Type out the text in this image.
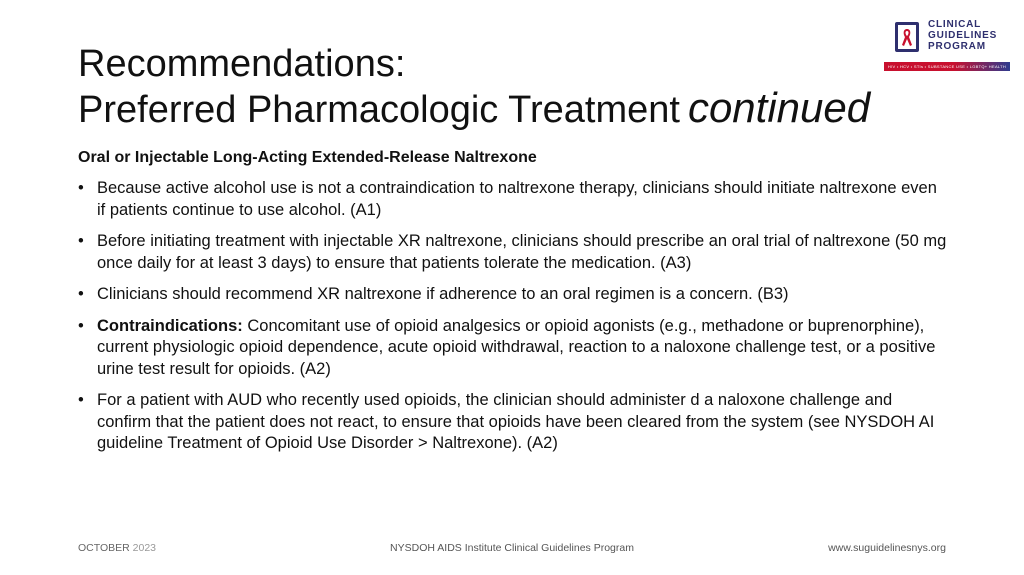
CLINICAL
GUIDELINES
PROGRAM
HIV • HCV • STIs • SUBSTANCE USE • LGBTQ+ HEALTH
Recommendations:
Preferred Pharmacologic Treatment continued
Oral or Injectable Long-Acting Extended-Release Naltrexone
• Because active alcohol use is not a contraindication to naltrexone therapy, clinicians should initiate naltrexone even if patients continue to use alcohol. (A1)
• Before initiating treatment with injectable XR naltrexone, clinicians should prescribe an oral trial of naltrexone (50 mg once daily for at least 3 days) to ensure that patients tolerate the medication. (A3)
• Clinicians should recommend XR naltrexone if adherence to an oral regimen is a concern. (B3)
• Contraindications: Concomitant use of opioid analgesics or opioid agonists (e.g., methadone or buprenorphine), current physiologic opioid dependence, acute opioid withdrawal, reaction to a naloxone challenge test, or a positive urine test result for opioids. (A2)
• For a patient with AUD who recently used opioids, the clinician should administer d a naloxone challenge and confirm that the patient does not react, to ensure that opioids have been cleared from the system (see NYSDOH AI guideline Treatment of Opioid Use Disorder > Naltrexone). (A2)
OCTOBER 2023	NYSDOH AIDS Institute Clinical Guidelines Program	www.suguidelinesnys.org
